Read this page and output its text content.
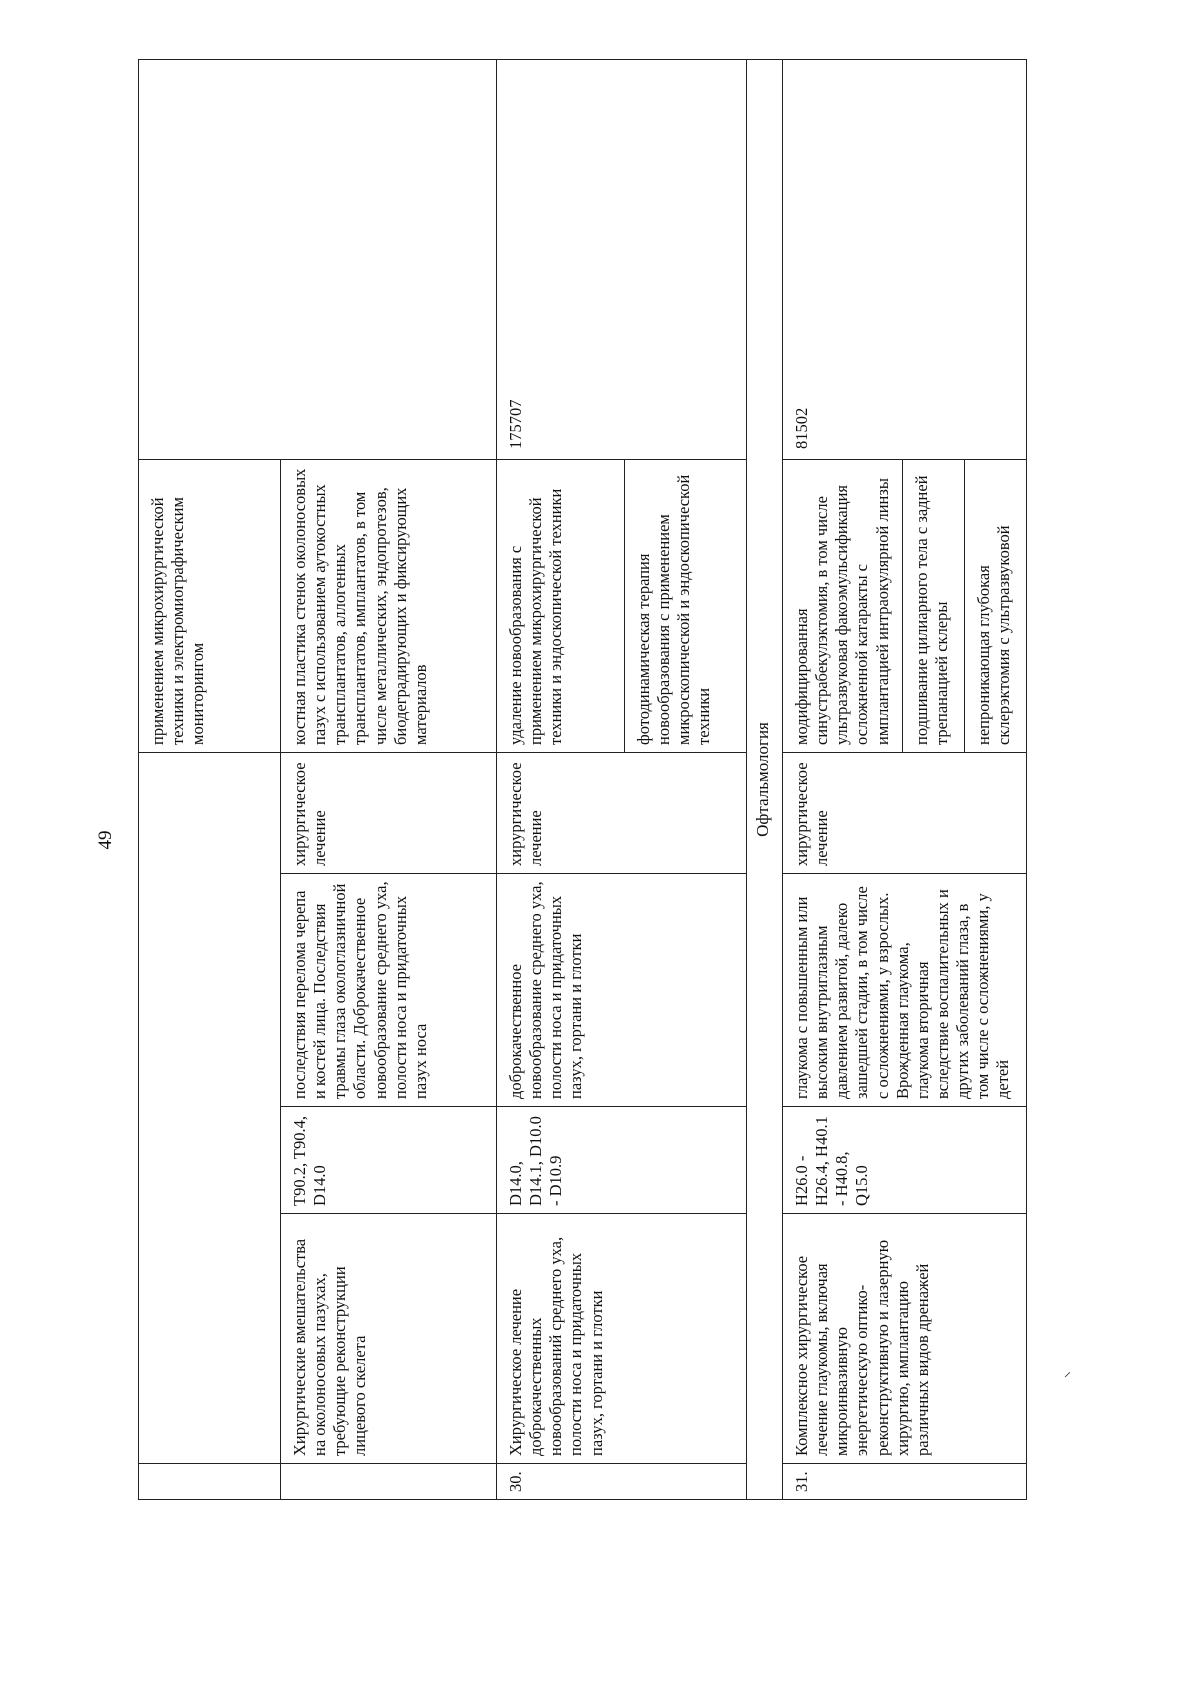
49
					применением микрохирургической техники и электромиографическим мониторингом	
	Хирургические вмешательства на околоносовых пазухах, требующие реконструкции лицевого скелета	T90.2, T90.4, D14.0	последствия перелома черепа и костей лица. Последствия травмы глаза окологлазничной области. Доброкачественное новообразование среднего уха, полости носа и придаточных пазух носа	хирургическое лечение	костная пластика стенок околоносовых пазух с использованием аутокостных трансплантатов, аллогенных трансплантатов, имплантатов, в том числе металлических, эндопротезов, биодеградирующих и фиксирующих материалов	
30.	Хирургическое лечение доброкачественных новообразований среднего уха, полости носа и придаточных пазух, гортани и глотки	D14.0, D14.1, D10.0 - D10.9	доброкачественное новообразование среднего уха, полости носа и придаточных пазух, гортани и глотки	хирургическое лечение	удаление новообразования с применением микрохирургической техники и эндоскопической техники	175707
					фотодинамическая терапия новообразования с применением микроскопической и эндоскопической техники	
Офтальмология						
31.	Комплексное хирургическое лечение глаукомы, включая микроинвазивную энергетическую оптико-реконструктивную и лазерную хирургию, имплантацию различных видов дренажей	H26.0 - H26.4, H40.1 - H40.8, Q15.0	глаукома с повышенным или высоким внутриглазным давлением развитой, далеко зашедшей стадии, в том числе с осложнениями, у взрослых. Врожденная глаукома, глаукома вторичная вследствие воспалительных и других заболеваний глаза, в том числе с осложнениями, у детей	хирургическое лечение	модифицированная синустрабекулэктомия, в том числе ультразвуковая факоэмульсификация осложненной катаракты с имплантацией интраокулярной линзы	81502
					подшивание цилиарного тела с задней трепанацией склеры	
					непроникающая глубокая склерэктомия с ультразвуковой	
⸍
